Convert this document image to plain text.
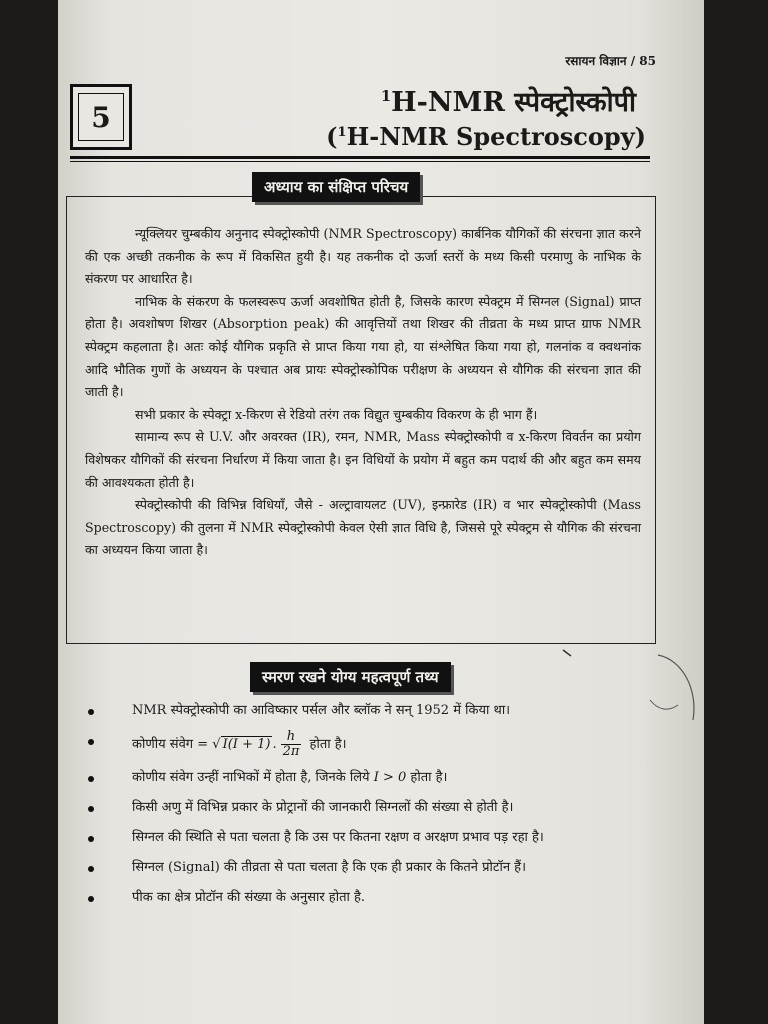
रसायन विज्ञान / 85
5
$^1$H-NMR स्पेक्ट्रोस्कोपी
($^1$H-NMR Spectroscopy)

न्यूक्लियर चुम्बकीय अनुनाद स्पेक्ट्रोस्कोपी (NMR Spectroscopy) कार्बनिक यौगिकों की संरचना ज्ञात करने की एक अच्छी तकनीक के रूप में विकसित हुयी है। यह तकनीक दो ऊर्जा स्तरों के मध्य किसी परमाणु के नाभिक के संकरण पर आधारित है।

नाभिक के संकरण के फलस्वरूप ऊर्जा अवशोषित होती है, जिसके कारण स्पेक्ट्रम में सिग्नल (Signal) प्राप्त होता है। अवशोषण शिखर (Absorption peak) की आवृत्तियों तथा शिखर की तीव्रता के मध्य प्राप्त ग्राफ NMR स्पेक्ट्रम कहलाता है। अतः कोई यौगिक प्रकृति से प्राप्त किया गया हो, या संश्लेषित किया गया हो, गलनांक व क्वथनांक आदि भौतिक गुणों के अध्ययन के पश्चात अब प्रायः स्पेक्ट्रोस्कोपिक परीक्षण के अध्ययन से यौगिक की संरचना ज्ञात की जाती है।

सभी प्रकार के स्पेक्ट्रा x-किरण से रेडियो तरंग तक विद्युत चुम्बकीय विकरण के ही भाग हैं।

सामान्य रूप से U.V. और अवरक्त (IR), रमन, NMR, Mass स्पेक्ट्रोस्कोपी व x-किरण विवर्तन का प्रयोग विशेषकर यौगिकों की संरचना निर्धारण में किया जाता है। इन विधियों के प्रयोग में बहुत कम पदार्थ की और बहुत कम समय की आवश्यकता होती है।

स्पेक्ट्रोस्कोपी की विभिन्न विधियाँ, जैसे - अल्ट्रावायलट (UV), इन्फ्रारेड (IR) व भार स्पेक्ट्रोस्कोपी (Mass Spectroscopy) की तुलना में NMR स्पेक्ट्रोस्कोपी केवल ऐसी ज्ञात विधि है, जिससे पूरे स्पेक्ट्रम से यौगिक की संरचना का अध्ययन किया जाता है।

अध्याय का संक्षिप्त परिचय
स्मरण रखने योग्य महत्वपूर्ण तथ्य
NMR स्पेक्ट्रोस्कोपी का आविष्कार पर्सल और ब्लॉक ने सन् 1952 में किया था।
कोणीय संवेग = √ I(I + 1) . $\frac{h}{2\pi}$ होता है।
कोणीय संवेग उन्हीं नाभिकों में होता है, जिनके लिये I > 0 होता है।
किसी अणु में विभिन्न प्रकार के प्रोट्रानों की जानकारी सिग्नलों की संख्या से होती है।
सिग्नल की स्थिति से पता चलता है कि उस पर कितना रक्षण व अरक्षण प्रभाव पड़ रहा है।
सिग्नल (Signal) की तीव्रता से पता चलता है कि एक ही प्रकार के कितने प्रोटॉन हैं।
पीक का क्षेत्र प्रोटॉन की संख्या के अनुसार होता है.
